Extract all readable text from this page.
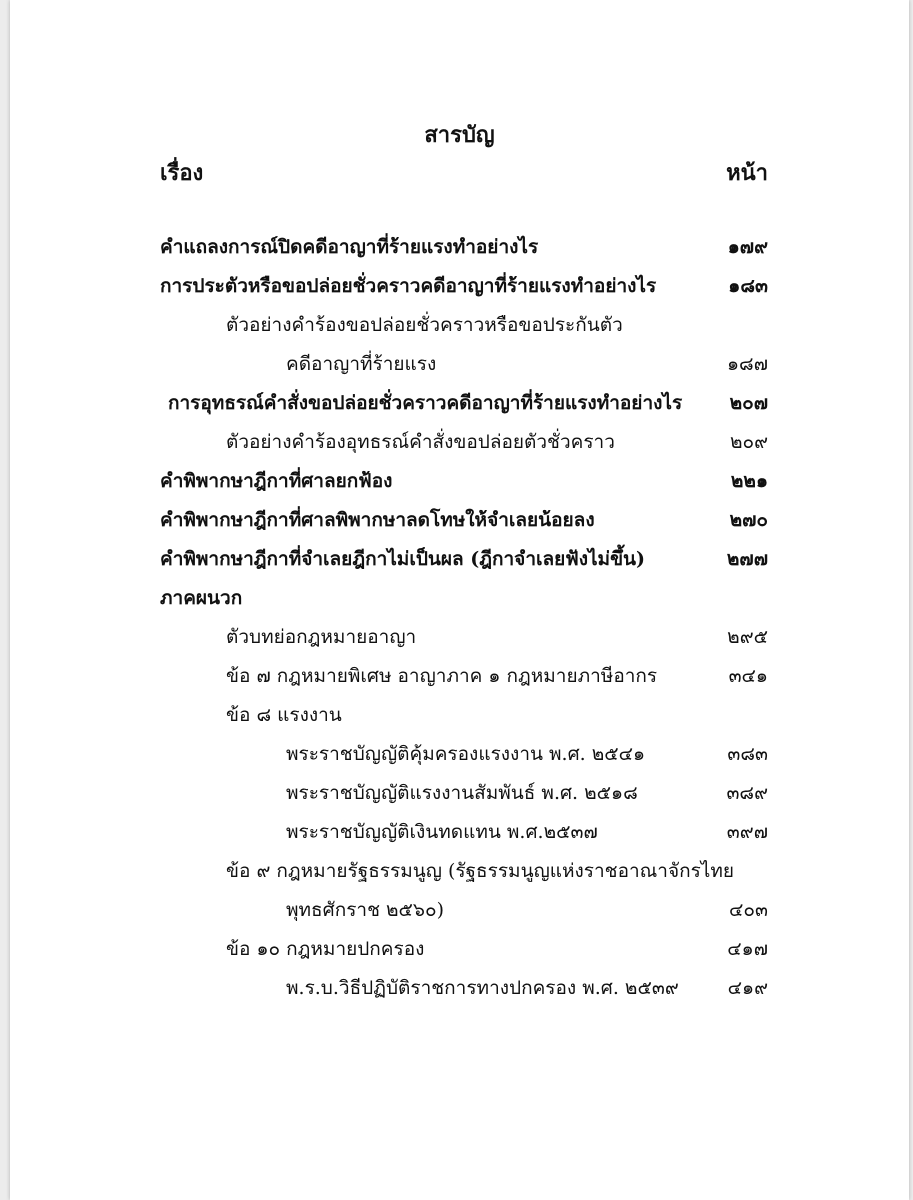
สารบัญ
เรื่อง	หน้า
คำแถลงการณ์ปิดคดีอาญาที่ร้ายแรงทำอย่างไร	๑๗๙
การประตัวหรือขอปล่อยชั่วคราวคดีอาญาที่ร้ายแรงทำอย่างไร	๑๘๓
ตัวอย่างคำร้องขอปล่อยชั่วคราวหรือขอประกันตัว
คดีอาญาที่ร้ายแรง	๑๘๗
การอุทธรณ์คำสั่งขอปล่อยชั่วคราวคดีอาญาที่ร้ายแรงทำอย่างไร ๒๐๗
ตัวอย่างคำร้องอุทธรณ์คำสั่งขอปล่อยตัวชั่วคราว	๒๐๙
คำพิพากษาฎีกาที่ศาลยกฟ้อง	๒๒๑
คำพิพากษาฎีกาที่ศาลพิพากษาลดโทษให้จำเลยน้อยลง	๒๗๐
คำพิพากษาฎีกาที่จำเลยฎีกาไม่เป็นผล (ฎีกาจำเลยฟังไม่ขึ้น)	๒๗๗
ภาคผนวก
ตัวบทย่อกฎหมายอาญา	๒๙๕
ข้อ ๗ กฎหมายพิเศษ อาญาภาค ๑ กฎหมายภาษีอากร	๓๔๑
ข้อ ๘ แรงงาน
พระราชบัญญัติคุ้มครองแรงงาน พ.ศ. ๒๕๔๑	๓๘๓
พระราชบัญญัติแรงงานสัมพันธ์ พ.ศ. ๒๕๑๘	๓๘๙
พระราชบัญญัติเงินทดแทน พ.ศ.๒๕๓๗	๓๙๗
ข้อ ๙ กฎหมายรัฐธรรมนูญ (รัฐธรรมนูญแห่งราชอาณาจักรไทย
พุทธศักราช ๒๕๖๐)	๔๐๓
ข้อ ๑๐ กฎหมายปกครอง	๔๑๗
พ.ร.บ.วิธีปฏิบัติราชการทางปกครอง พ.ศ. ๒๕๓๙	๔๑๙
